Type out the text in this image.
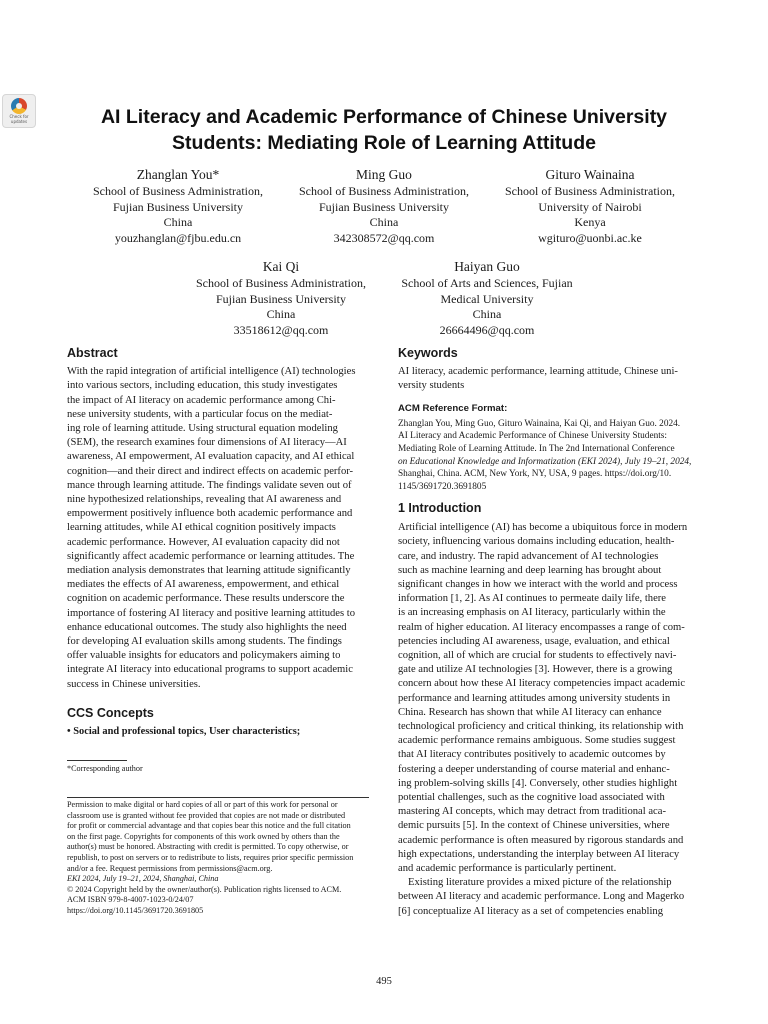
Check for updates	AI Literacy and Academic Performance of Chinese University
Students: Mediating Role of Learning Attitude
Zhanglan You*
School of Business Administration,
Fujian Business University
China
youzhanglan@fjbu.edu.cn
Ming Guo
School of Business Administration,
Fujian Business University
China
342308572@qq.com
Gituro Wainaina
School of Business Administration,
University of Nairobi
Kenya
wgituro@uonbi.ac.ke
Kai Qi
School of Business Administration,
Fujian Business University
China
33518612@qq.com
Haiyan Guo
School of Arts and Sciences, Fujian
Medical University
China
26664496@qq.com
Abstract
With the rapid integration of artificial intelligence (AI) technologies
into various sectors, including education, this study investigates
the impact of AI literacy on academic performance among Chi-
nese university students, with a particular focus on the mediat-
ing role of learning attitude. Using structural equation modeling
(SEM), the research examines four dimensions of AI literacy—AI
awareness, AI empowerment, AI evaluation capacity, and AI ethical
cognition—and their direct and indirect effects on academic perfor-
mance through learning attitude. The findings validate seven out of
nine hypothesized relationships, revealing that AI awareness and
empowerment positively influence both academic performance and
learning attitudes, while AI ethical cognition positively impacts
academic performance. However, AI evaluation capacity did not
significantly affect academic performance or learning attitudes. The
mediation analysis demonstrates that learning attitude significantly
mediates the effects of AI awareness, empowerment, and ethical
cognition on academic performance. These results underscore the
importance of fostering AI literacy and positive learning attitudes to
enhance educational outcomes. The study also highlights the need
for developing AI evaluation skills among students. The findings
offer valuable insights for educators and policymakers aiming to
integrate AI literacy into educational programs to support academic
success in Chinese universities.
CCS Concepts
• Social and professional topics, User characteristics;
*Corresponding author
Permission to make digital or hard copies of all or part of this work for personal or
classroom use is granted without fee provided that copies are not made or distributed
for profit or commercial advantage and that copies bear this notice and the full citation
on the first page. Copyrights for components of this work owned by others than the
author(s) must be honored. Abstracting with credit is permitted. To copy otherwise, or
republish, to post on servers or to redistribute to lists, requires prior specific permission
and/or a fee. Request permissions from permissions@acm.org.
EKI 2024, July 19–21, 2024, Shanghai, China
© 2024 Copyright held by the owner/author(s). Publication rights licensed to ACM.
ACM ISBN 979-8-4007-1023-0/24/07
https://doi.org/10.1145/3691720.3691805
Keywords
AI literacy, academic performance, learning attitude, Chinese uni-
versity students
ACM Reference Format:
Zhanglan You, Ming Guo, Gituro Wainaina, Kai Qi, and Haiyan Guo. 2024.
AI Literacy and Academic Performance of Chinese University Students:
Mediating Role of Learning Attitude. In The 2nd International Conference
on Educational Knowledge and Informatization (EKI 2024), July 19–21, 2024,
Shanghai, China. ACM, New York, NY, USA, 9 pages. https://doi.org/10.
1145/3691720.3691805
1 Introduction
Artificial intelligence (AI) has become a ubiquitous force in modern
society, influencing various domains including education, health-
care, and industry. The rapid advancement of AI technologies
such as machine learning and deep learning has brought about
significant changes in how we interact with the world and process
information [1, 2]. As AI continues to permeate daily life, there
is an increasing emphasis on AI literacy, particularly within the
realm of higher education. AI literacy encompasses a range of com-
petencies including AI awareness, usage, evaluation, and ethical
cognition, all of which are crucial for students to effectively navi-
gate and utilize AI technologies [3]. However, there is a growing
concern about how these AI literacy competencies impact academic
performance and learning attitudes among university students in
China. Research has shown that while AI literacy can enhance
technological proficiency and critical thinking, its relationship with
academic performance remains ambiguous. Some studies suggest
that AI literacy contributes positively to academic outcomes by
fostering a deeper understanding of course material and enhanc-
ing problem-solving skills [4]. Conversely, other studies highlight
potential challenges, such as the cognitive load associated with
mastering AI concepts, which may detract from traditional aca-
demic pursuits [5]. In the context of Chinese universities, where
academic performance is often measured by rigorous standards and
high expectations, understanding the interplay between AI literacy
and academic performance is particularly pertinent.
Existing literature provides a mixed picture of the relationship
between AI literacy and academic performance. Long and Magerko
[6] conceptualize AI literacy as a set of competencies enabling
495
